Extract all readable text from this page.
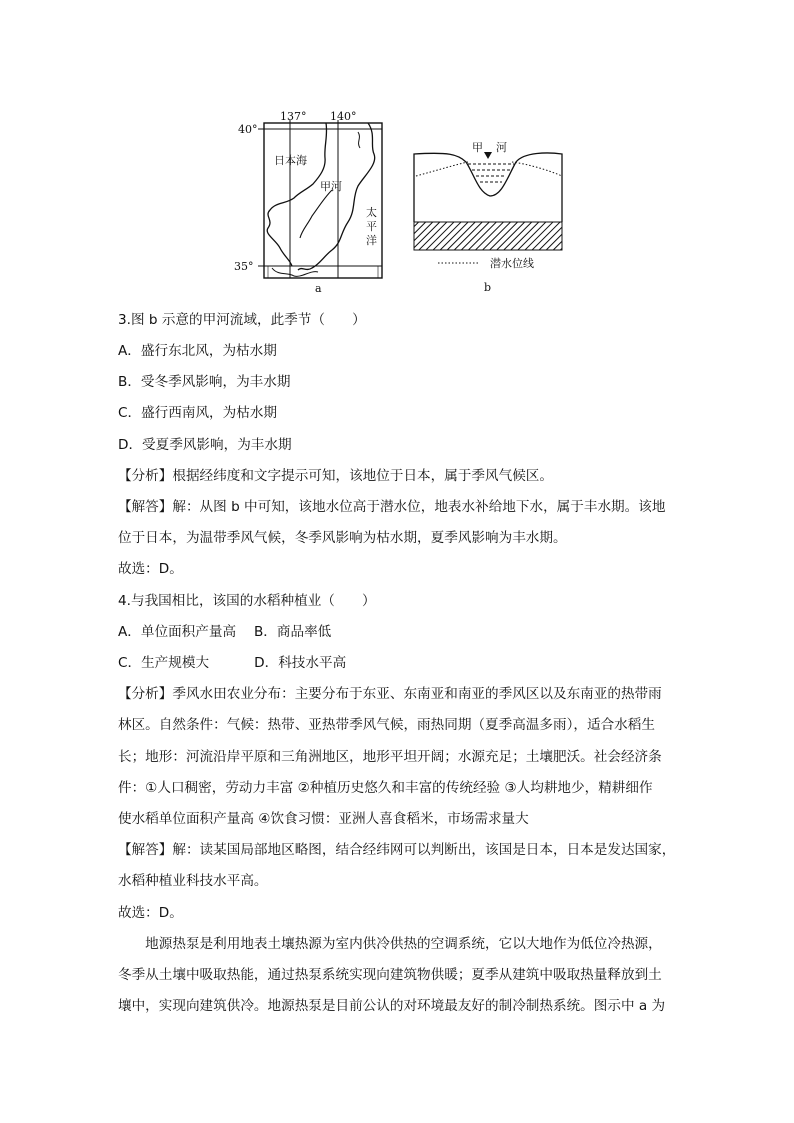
137° 140°
40°
35°
日本海
甲河
太
平
洋
a
甲 河
潜水位线
b
3.图 b 示意的甲河流域，此季节（　　）
A．盛行东北风，为枯水期
B．受冬季风影响，为丰水期
C．盛行西南风，为枯水期
D．受夏季风影响，为丰水期
【分析】根据经纬度和文字提示可知，该地位于日本，属于季风气候区。
【解答】解：从图 b 中可知，该地水位高于潜水位，地表水补给地下水，属于丰水期。该地
位于日本，为温带季风气候，冬季风影响为枯水期，夏季风影响为丰水期。
故选：D。
4.与我国相比，该国的水稻种植业（　　）
A．单位面积产量高　 B．商品率低
C．生产规模大　　　 D．科技水平高
【分析】季风水田农业分布：主要分布于东亚、东南亚和南亚的季风区以及东南亚的热带雨
林区。自然条件：气候：热带、亚热带季风气候，雨热同期（夏季高温多雨），适合水稻生
长；地形：河流沿岸平原和三角洲地区，地形平坦开阔；水源充足；土壤肥沃。社会经济条
件：①人口稠密，劳动力丰富 ②种植历史悠久和丰富的传统经验 ③人均耕地少，精耕细作
使水稻单位面积产量高 ④饮食习惯：亚洲人喜食稻米，市场需求量大
【解答】解：读某国局部地区略图，结合经纬网可以判断出，该国是日本，日本是发达国家，
水稻种植业科技水平高。
故选：D。
　　地源热泵是利用地表土壤热源为室内供冷供热的空调系统，它以大地作为低位冷热源，
冬季从土壤中吸取热能，通过热泵系统实现向建筑物供暖；夏季从建筑中吸取热量释放到土
壤中，实现向建筑供冷。地源热泵是目前公认的对环境最友好的制冷制热系统。图示中 a 为
